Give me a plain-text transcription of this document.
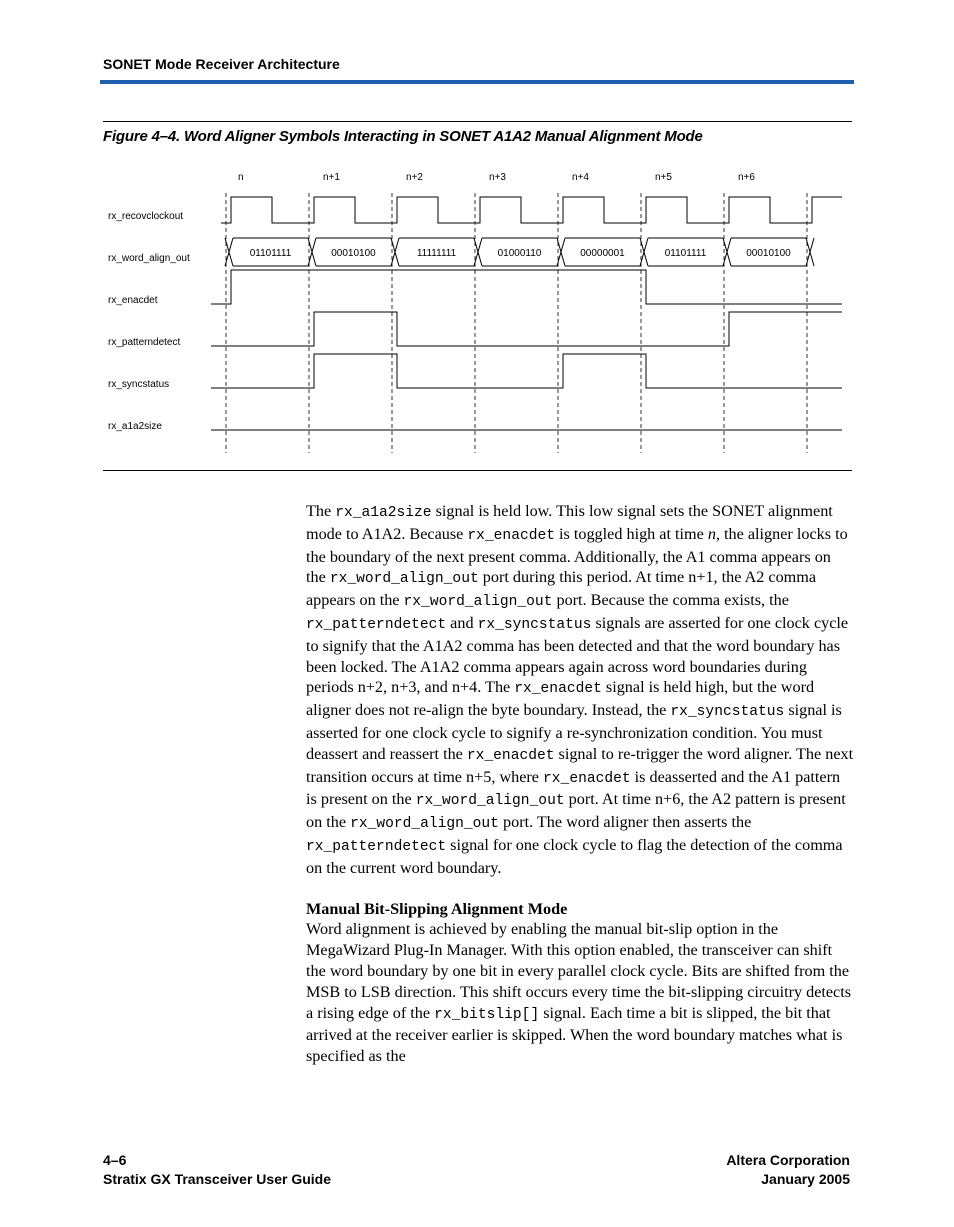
SONET Mode Receiver Architecture
Figure 4–4. Word Aligner Symbols Interacting in SONET A1A2 Manual Alignment Mode
n	n+1	n+2	n+3	n+4	n+5	n+6
rx_recovclockout
rx_word_align_out
rx_enacdet
rx_patterndetect
rx_syncstatus
rx_a1a2size
01101111	00010100	11111111	01000110	00000001	01101111	00010100

The rx_a1a2size signal is held low. This low signal sets the SONET alignment mode to A1A2. Because rx_enacdet is toggled high at time n, the aligner locks to the boundary of the next present comma. Additionally, the A1 comma appears on the rx_word_align_out port during this period. At time n+1, the A2 comma appears on the rx_word_align_out port. Because the comma exists, the rx_patterndetect and rx_syncstatus signals are asserted for one clock cycle to signify that the A1A2 comma has been detected and that the word boundary has been locked. The A1A2 comma appears again across word boundaries during periods n+2, n+3, and n+4. The rx_enacdet signal is held high, but the word aligner does not re-align the byte boundary. Instead, the rx_syncstatus signal is asserted for one clock cycle to signify a re-synchronization condition. You must deassert and reassert the rx_enacdet signal to re-trigger the word aligner. The next transition occurs at time n+5, where rx_enacdet is deasserted and the A1 pattern is present on the rx_word_align_out port. At time n+6, the A2 pattern is present on the rx_word_align_out port. The word aligner then asserts the rx_patterndetect signal for one clock cycle to flag the detection of the comma on the current word boundary.

Manual Bit-Slipping Alignment Mode

Word alignment is achieved by enabling the manual bit-slip option in the MegaWizard Plug-In Manager. With this option enabled, the transceiver can shift the word boundary by one bit in every parallel clock cycle. Bits are shifted from the MSB to LSB direction. This shift occurs every time the bit-slipping circuitry detects a rising edge of the rx_bitslip[] signal. Each time a bit is slipped, the bit that arrived at the receiver earlier is skipped. When the word boundary matches what is specified as the

4–6
Stratix GX Transceiver User Guide
Altera Corporation
January 2005
